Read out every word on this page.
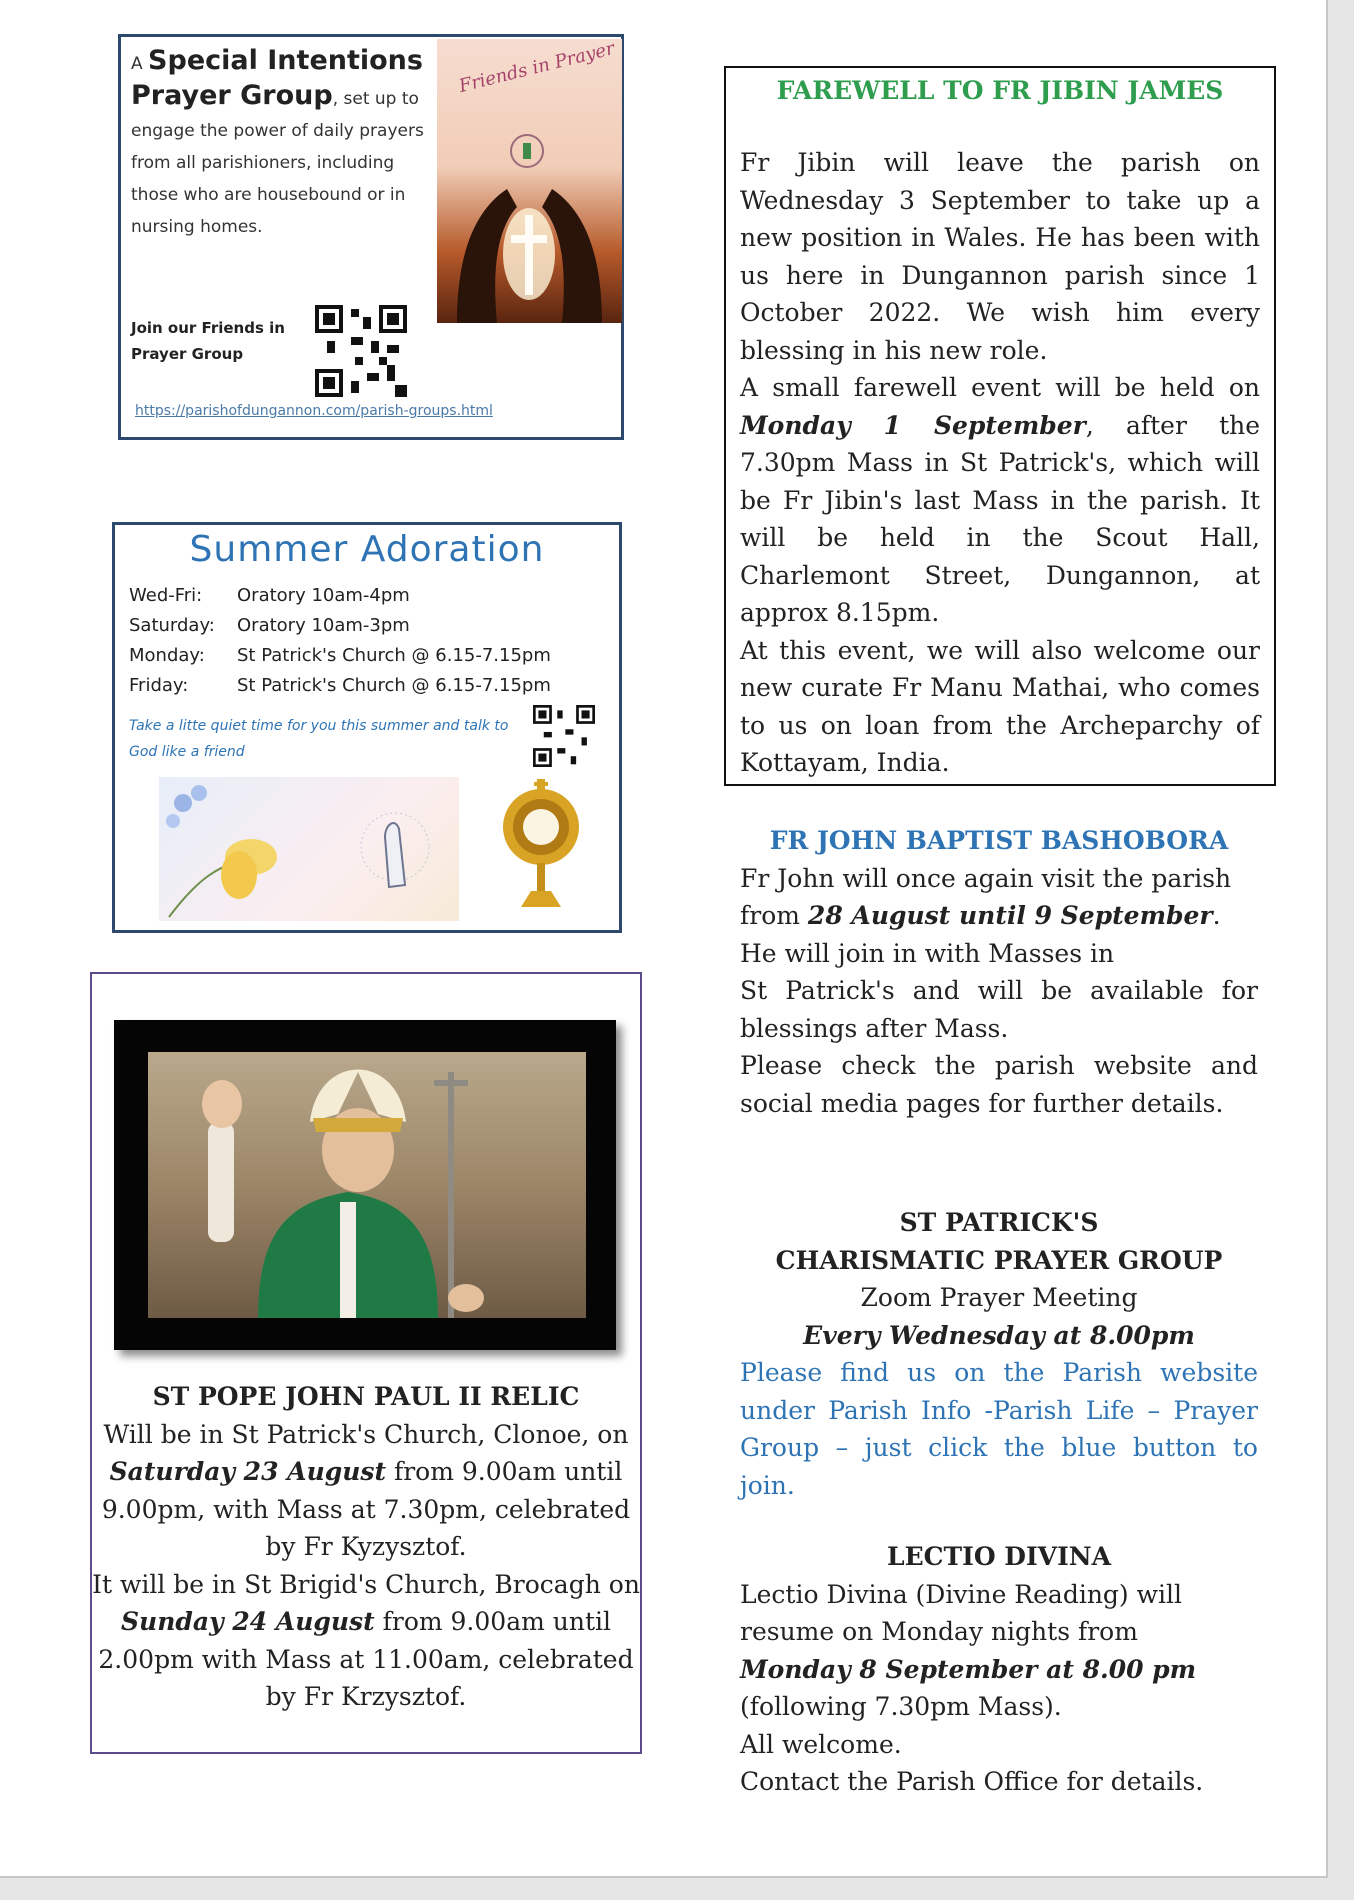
A Special Intentions Prayer Group, set up to engage the power of daily prayers from all parishioners, including those who are housebound or in nursing homes.
Friends in Prayer
Join our Friends in Prayer Group
https://parishofdungannon.com/parish-groups.html
Summer Adoration
Wed-Fri: Oratory 10am-4pm
Saturday: Oratory 10am-3pm
Monday: St Patrick's Church @ 6.15-7.15pm
Friday:	St Patrick's Church @ 6.15-7.15pm
Take a litte quiet time for you this summer and talk to God like a friend

ST POPE JOHN PAUL II RELIC

Will be in St Patrick's Church, Clonoe, on Saturday 23 August from 9.00am until 9.00pm, with Mass at 7.30pm, celebrated by Fr Kyzysztof.

It will be in St Brigid's Church, Brocagh on Sunday 24 August from 9.00am until 2.00pm with Mass at 11.00am, celebrated by Fr Krzysztof.

FAREWELL TO FR JIBIN JAMES

Fr Jibin will leave the parish on Wednesday 3 September to take up a new position in Wales. He has been with us here in Dungannon parish since 1 October 2022. We wish him every blessing in his new role.

A small farewell event will be held on Monday 1 September, after the 7.30pm Mass in St Patrick's, which will be Fr Jibin's last Mass in the parish. It will be held in the Scout Hall, Charlemont Street, Dungannon, at approx 8.15pm.

At this event, we will also welcome our new curate Fr Manu Mathai, who comes to us on loan from the Archeparchy of Kottayam, India.

FR JOHN BAPTIST BASHOBORA

Fr John will once again visit the parish from 28 August until 9 September.

He will join in with Masses in

St Patrick's and will be available for blessings after Mass.

Please check the parish website and social media pages for further details.

ST PATRICK'S

CHARISMATIC PRAYER GROUP

Zoom Prayer Meeting

Every Wednesday at 8.00pm

Please find us on the Parish website under Parish Info -Parish Life – Prayer Group – just click the blue button to join.

LECTIO DIVINA

Lectio Divina (Divine Reading) will resume on Monday nights from

Monday 8 September at 8.00 pm

(following 7.30pm Mass).

All welcome.

Contact the Parish Office for details.
